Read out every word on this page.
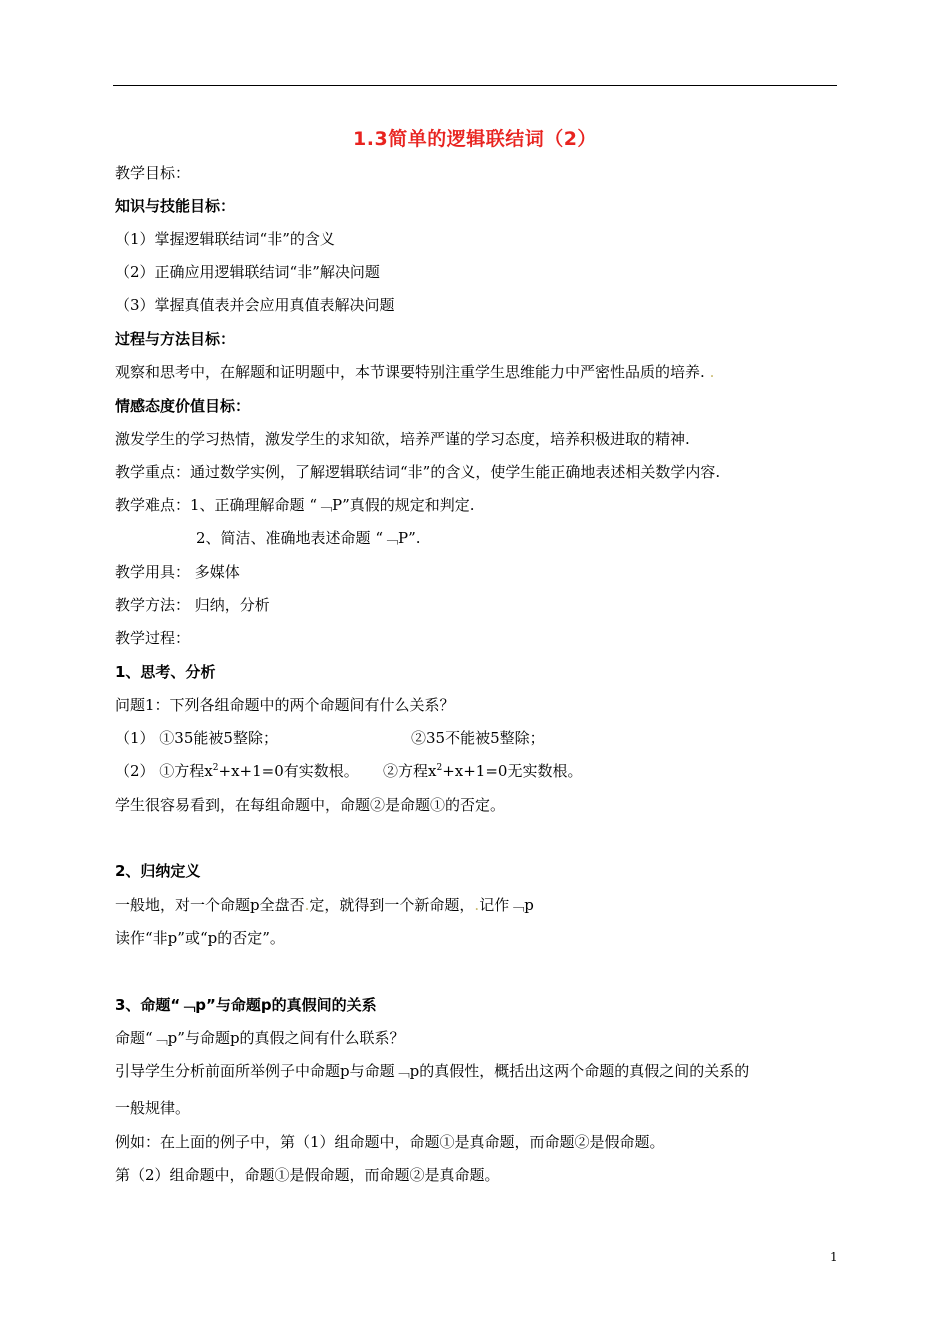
1.3简单的逻辑联结词（2）
教学目标：
知识与技能目标：
（1）掌握逻辑联结词“非”的含义
（2）正确应用逻辑联结词“非”解决问题
（3）掌握真值表并会应用真值表解决问题
过程与方法目标：
观察和思考中，在解题和证明题中，本节课要特别注重学生思维能力中严密性品质的培养. .
情感态度价值目标：
激发学生的学习热情，激发学生的求知欲，培养严谨的学习态度，培养积极进取的精神.
教学重点：通过数学实例，了解逻辑联结词“非”的含义，使学生能正确地表述相关数学内容.
教学难点：1、正确理解命题 “﹁P”真假的规定和判定.
2、简洁、准确地表述命题 “﹁P”.
教学用具： 多媒体
教学方法： 归纳，分析
教学过程：
1、思考、分析
问题1：下列各组命题中的两个命题间有什么关系？
（1） ①35能被5整除；	②35不能被5整除；
（2） ①方程$x^2+x+1=0$有实数根。 ②方程$x^2+x+1=0$无实数根。
学生很容易看到，在每组命题中，命题②是命题①的否定。
2、归纳定义
一般地，对一个命题p全盘否.定，就得到一个新命题，.记作﹁p
读作“非p”或“p的否定”。
3、命题“﹁p”与命题p的真假间的关系
命题“﹁p”与命题p的真假之间有什么联系？
引导学生分析前面所举例子中命题p与命题﹁p的真假性，概括出这两个命题的真假之间的关系的
一般规律。
例如：在上面的例子中，第（1）组命题中，命题①是真命题，而命题②是假命题。
第（2）组命题中，命题①是假命题，而命题②是真命题。
1
